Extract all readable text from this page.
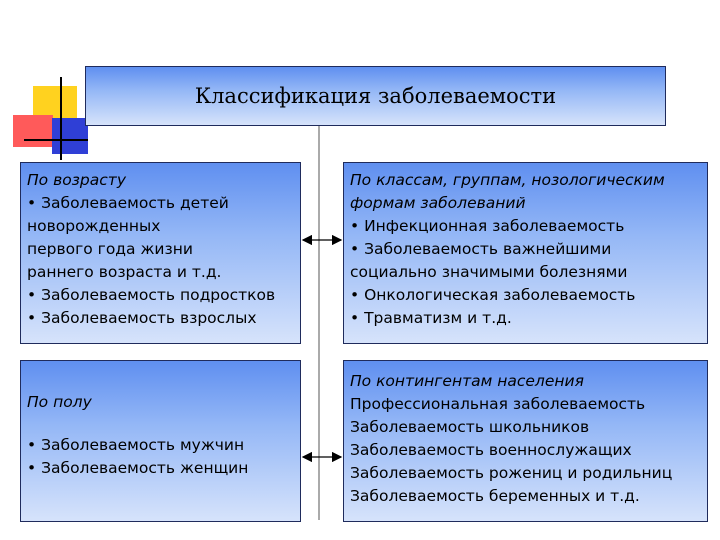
Классификация заболеваемости
По возрасту
• Заболеваемость детей
новорожденных
первого года жизни
раннего возраста и т.д.
• Заболеваемость подростков
• Заболеваемость взрослых
По классам, группам, нозологическим
формам заболеваний
• Инфекционная заболеваемость
• Заболеваемость важнейшими
социально значимыми болезнями
• Онкологическая заболеваемость
• Травматизм и т.д.
По полу
• Заболеваемость мужчин
• Заболеваемость женщин
По контингентам населения
Профессиональная заболеваемость
Заболеваемость школьников
Заболеваемость военнослужащих
Заболеваемость рожениц и родильниц
Заболеваемость беременных и т.д.
